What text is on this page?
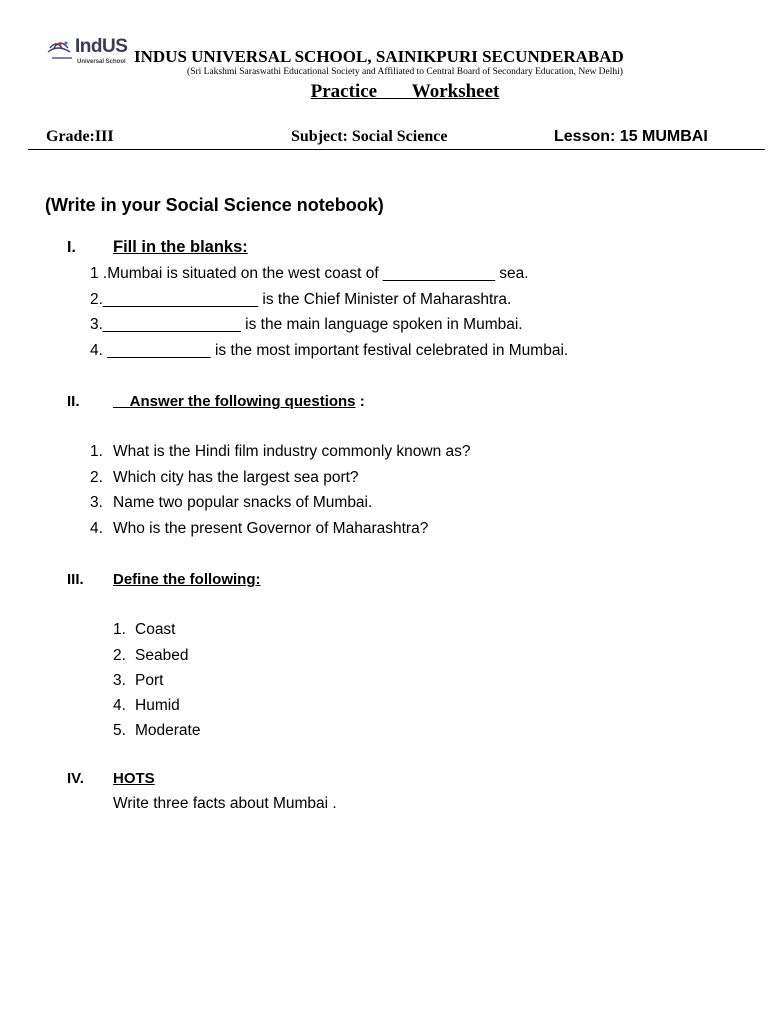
IndUS
Universal School INDUS UNIVERSAL SCHOOL, SAINIKPURI SECUNDERABAD
(Sri Lakshmi Saraswathi Educational Society and Affiliated to Central Board of Secondary Education, New Delhi)
Practice    Worksheet
Grade:III	Subject: Social Science	Lesson: 15 MUMBAI
(Write in your Social Science notebook)
I. Fill in the blanks:
1 .Mumbai is situated on the west coast of _____________ sea.
2.__________________ is the Chief Minister of Maharashtra.
3.________________ is the main language spoken in Mumbai.
4. ____________ is the most important festival celebrated in Mumbai.
II. __Answer the following questions :
1. What is the Hindi film industry commonly known as?
2. Which city has the largest sea port?
3. Name two popular snacks of Mumbai.
4. Who is the present Governor of Maharashtra?
III. Define the following:
1. Coast
2. Seabed
3. Port
4. Humid
5. Moderate
IV. HOTS
Write three facts about Mumbai .
